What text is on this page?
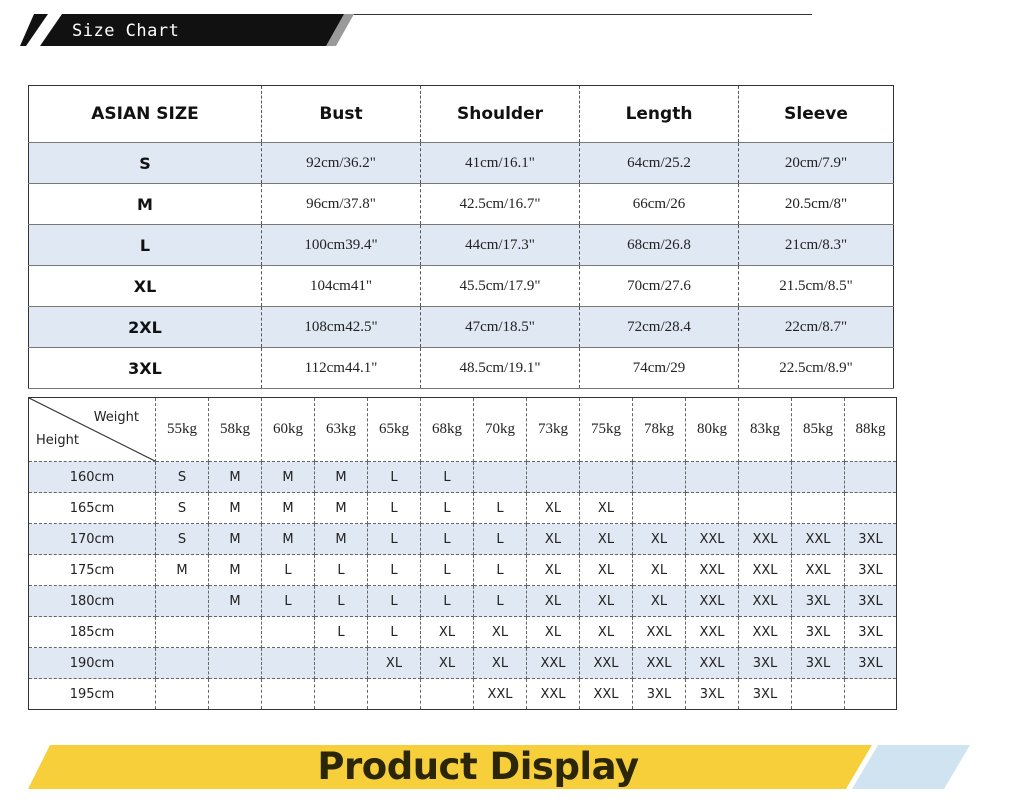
Size Chart
ASIAN SIZE	Bust	Shoulder	Length	Sleeve
S	92cm/36.2"	41cm/16.1"	64cm/25.2	20cm/7.9"
M	96cm/37.8"	42.5cm/16.7"	66cm/26	20.5cm/8"
L	100cm39.4"	44cm/17.3"	68cm/26.8	21cm/8.3"
XL	104cm41"	45.5cm/17.9"	70cm/27.6	21.5cm/8.5"
2XL	108cm42.5"	47cm/18.5"	72cm/28.4	22cm/8.7"
3XL	112cm44.1"	48.5cm/19.1"	74cm/29	22.5cm/8.9"
Weight
Height	55kg	58kg	60kg	63kg	65kg	68kg	70kg	73kg	75kg	78kg	80kg	83kg	85kg	88kg
160cm	S	M	M	M	L	L								
165cm	S	M	M	M	L	L	L	XL	XL					
170cm	S	M	M	M	L	L	L	XL	XL	XL	XXL	XXL	XXL	3XL
175cm	M	M	L	L	L	L	L	XL	XL	XL	XXL	XXL	XXL	3XL
180cm		M	L	L	L	L	L	XL	XL	XL	XXL	XXL	3XL	3XL
185cm				L	L	XL	XL	XL	XL	XXL	XXL	XXL	3XL	3XL
190cm					XL	XL	XL	XXL	XXL	XXL	XXL	3XL	3XL	3XL
195cm							XXL	XXL	XXL	3XL	3XL	3XL		
Product Display
